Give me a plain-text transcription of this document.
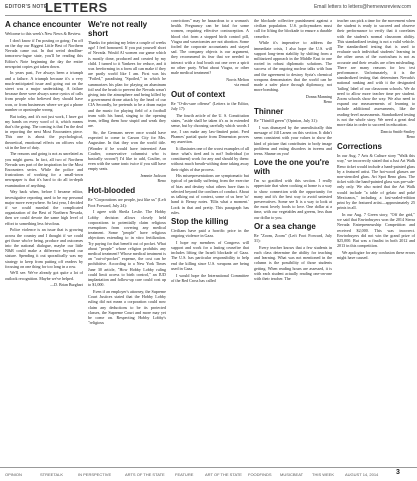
EDITOR'S NOTE
LETTERS	Email letters to letters@hernewsreview.com
A chance encounter

Welcome to this week's New News & Review.

I don't know if I'm posting or going: I'm off on the day our Biggest Little Best of Northern Nevada came out. In that weird deadline-tomorrow-fugue state, you'll be reading this Editor's Note beginning the day the entire newsprint copies got taken down.

In years past, I've always been a triumph and a failure. A triumph because it's a very much-anticipated issue and going out on the street was a major undertaking. A failure because there were always some cynics of calls from people who believed they should have won, or from businesses where we got a phone number or apostrophe wrong.

But today, and it's not just work, I have got my hands on every word of it, which means that's the going. The coming is that I'm the deal in reporting the next Most Encounters piece. This one is about the psychological, theoretical, emotional effects on officers who sit in the line of duty.

The reasons and going is not as unrelated as you might guess. In fact, all two of Northern Nevada was part of the inspiration for the Most Encounters series. While the police and frustrations of working for a small-town newspaper is that it's hard to do all in-depth examination of anything.

Way back when, before I became editor, investigative reporting used to be my personal major move everywhere. So last year, I decided if we could marshal the complicated organization of the Best of Northern Nevada, then we could devote the same high level of effort to something less frivolous.

Police violence is an issue that is growing across the country and I thought if we could get those who're being, produce and outcomes into the national dialogue, maybe our little N&R could make a difference beyond our stature. Spending it out sporadically was my strategy to keep from putting off readers by focusing on one thing for too long in a row.

We'll see. We've already got quite a lot of outlook recognition. Maybe we've helped.

—D. Brian Burghart
We're not really short

Thanks for printing my letter a couple of weeks ago! I feel honoured. If you put yourself short of Nevada. Would Al women our game which is mostly done, produced and created by my child. I turned to it Yankees for reduce, and it was freeforming in a form all can make if they are partly world like I am. First was his "Foiled," paradising "Spoiled," in which he summarizes his plan for playing an aluminum foil seal the brush to prevent the Nevada wasn't giving into the atmosphere and being killed by a government drone attack by the head of our CIA Secondly, he pretends to be a drum major and the music for playing field of a football team with his band, singing to the opening team, telling them how stupid and weak they are.

Sir, the Germans never once would have expected to come to Carson City for Mrs. Augustine. In that they won the world title. (Wonder if he would have interested Ann Coulter, conservative columnist who is basically swoon?) I'd like to add, Coulter, or even with the same tonic twice if you still have empty seats.

Jeannie Jackson
Reno
Hot-blooded

Re "Corporations are people, just like us" (Left Foot Forward, July 24):

I agree with Sheila Leslie. The Hobby Lobby decision allows closely held corporations to potentially claim religious exemptions from covering any medical treatment. Some "people" have religious objections extending to in vitro fertilization. Try paying for that benefit out of pocket. What about "people" whose religion prohibits any medical treatment? Whose medical treatment is an "out-of-pocket" expense, the cost can be prohibitive. According to a New York Times June 30 article, "How Hobby Lobby ruling could limit access to birth control," an IUD implantation and follow-up care could cost up to $1,000.

Even if an employer's attorney, the Supreme Court Justices stated that the Hobby Lobby ruling did not mean a corporation could now claim any deductions to be its protected classes, the Supreme Court and more may yet be come on. Respecting Hobby Lobby's "religious

convictions" may be hazardous to a woman's health. Pregnancy can be fatal for some women, requiring effective contraception. A blood clot from a stopped birth control pill, Viagra and vasectomies are not abortion. Some fooled the corporate accountants and stayed sad. The company objects is our argument, they recommend its fear that we needed to interact with a foul brush out one over a spirit no other party. What about Viagra, or other male medical treatment?

Norris Melton
via email
Out of context

Re "O-dis-sure offense" (Letters to the Editor, July 17):

The fourth article of the U. S. Constitution states, "aside shall be taken it's as in extended sense, but by choosing carefully which words I use, I can make any law-limited point. Fred Phames' partial quote from Dimension proves my assertion.

It illustrates one of the worst examples of all time: what's tired and is not? Individual (or constituent) work for any and should by them: without much breath-withing done taking away their rights of due process.

His misrepresentations are symptomatic but typical of partially suffering from the exercise of bias and destiny what others have than is selected beyond the confines of conduct. About us talking out of context, some of us here 'to' hand it: Benay notes. 'Ellis what a moment.' Look in that and pretty. This paragraph has rules.

Stop the killing

Civilians have paid a horrific price in the ongoing violence in Gaza.

I hope my members of Congress will support and work for a lasting ceasefire that includes lifting the Israeli blockade of Gaza. The U.S. has particular responsibility to help end the killing since U.S. weapons are being used in Gaza.

I would hope the International Committee of the Red Cross has called

the blockade collective punishment against a civilian population. U.S. policymakers must call for lifting the blockade to ensure a durable ceasefire.

While it's imperative to address the immediate crisis, I also hope the U.S. will support long-term stability by shifting from a militarized approach in the Middle East to one rooted in robust diplomatic solutions. The success of the ongoing nuclear talks with Iran and the agreement to destroy Syria's chemical weapons demonstrates that the world can be made a safer place through diplomacy, not more bombing.

Donna Manning
Reno
Thinner

Re "Thinfill green" (Opinion, July 31):

I was dismayed by the unrealistically thin message of Jill Larsen on this section. It didn't seem consistent with your values to show the kind of picture that contributes to body image problems and eating disorders in tweens and teens. Shame on you!

Love the one you're with

I'm so gratified with this section. I really appreciate that when cooking at home is a way to show connection with the opportunity for many and it's the best way to avoid untested preservatives. Some see It is a way to look at the most lovely foods to love. One dollar at a time, with our vegetables and greens, less than our dollar to you.

Or a sea change

Re "Zoom, Zoom" (Left Foot Forward, July 31):

Every teacher knows that a few students in each class determine the ability for teaching and learning. What was not mentioned in the column is the possibility of those students getting. When reading hours are assessed, it is with each student actually reading one-on-one with their teacher. The

teacher can pick a time for the movement when the student is ready to succeed and observe their performance to verify that it correlates with the student's normal classroom ability. This standardized testing is not a valid vehicle. The standardized testing that is used to evaluate such individual students' learning in the other areas of the curriculum is not as accurate and their results are often misleading. There are many reasons for low test performance. Unfortunately, it is the standardized testing that determines Nevada's national ranking and with it the designated 'failing' label of our classroom schools. We do need to allow more teacher time per student. Zoom schools show the way. We also need to expand our measurements of learning to include additional assessments, like the reading-level assessments. Standardized testing is not the whole story. We need a great deal more data in order to succeed in education.

Dancia Smith-Smiley
Reno
Corrections

In our Aug. 7 Arts & Culture story "Walk this way," we incorrectly stated that a Just Art Walk Reno ticket would include a hand-painted glass by a featured artist. The hot-wood glasses are non-stenciled glass. Art Spot Reno glass. The ticket with the hand-painted glass was pre-sale-only only. We also noted that the Art Walk would include "a table of gelato and poké Mexicanos," including a fast-sealed-edition print by the featured artist—approximately 25 prints in all.

In our Aug. 7 Green story, "Off the grid," we said that Envirobuyers won the 2014 Sierra Nevada Entrepreneurship Competition and received $2,000. This was incorrect. Envirobuyers did not win the grand prize of $25,000. But was a finalist in both 2012 and 2013 in this competition.

We apologize for any confusion these errors might have caused.

OPINION	STREETALK	IN PERSPECTIVE	ARTS OF THE STATE	FEATURE	ART OF THE STATE FOODFINDS MUSICBEAT THIS WEEK	AUGUST 14, 2014	3
